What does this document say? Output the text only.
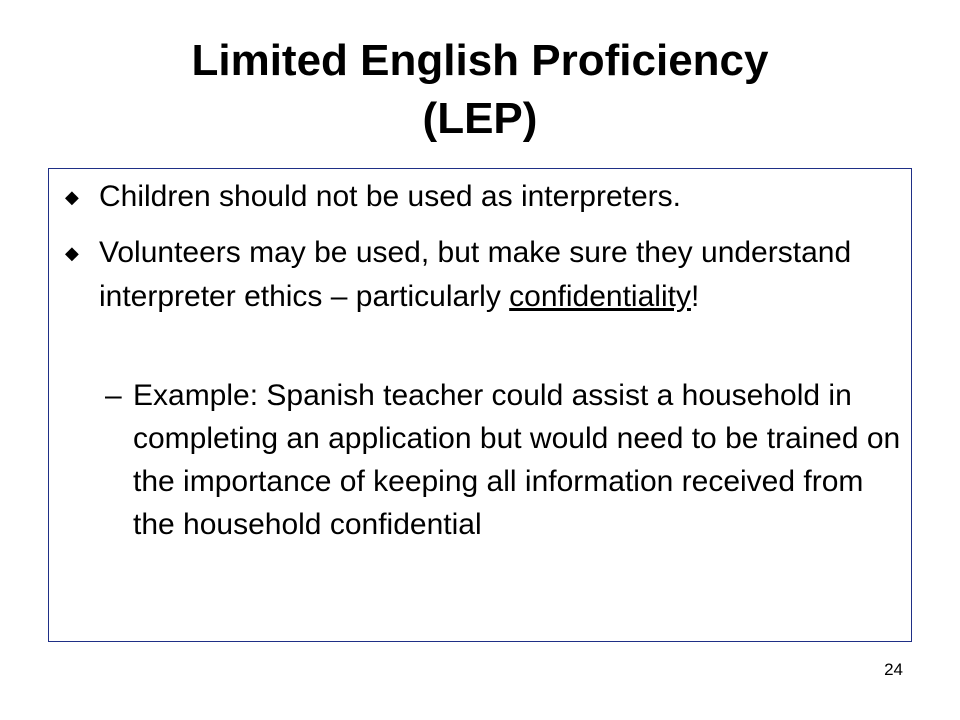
Limited English Proficiency
(LEP)
◆ Children should not be used as interpreters.
◆ Volunteers may be used, but make sure they understand interpreter ethics – particularly confidentiality!
– Example: Spanish teacher could assist a household in completing an application but would need to be trained on the importance of keeping all information received from the household confidential
24
